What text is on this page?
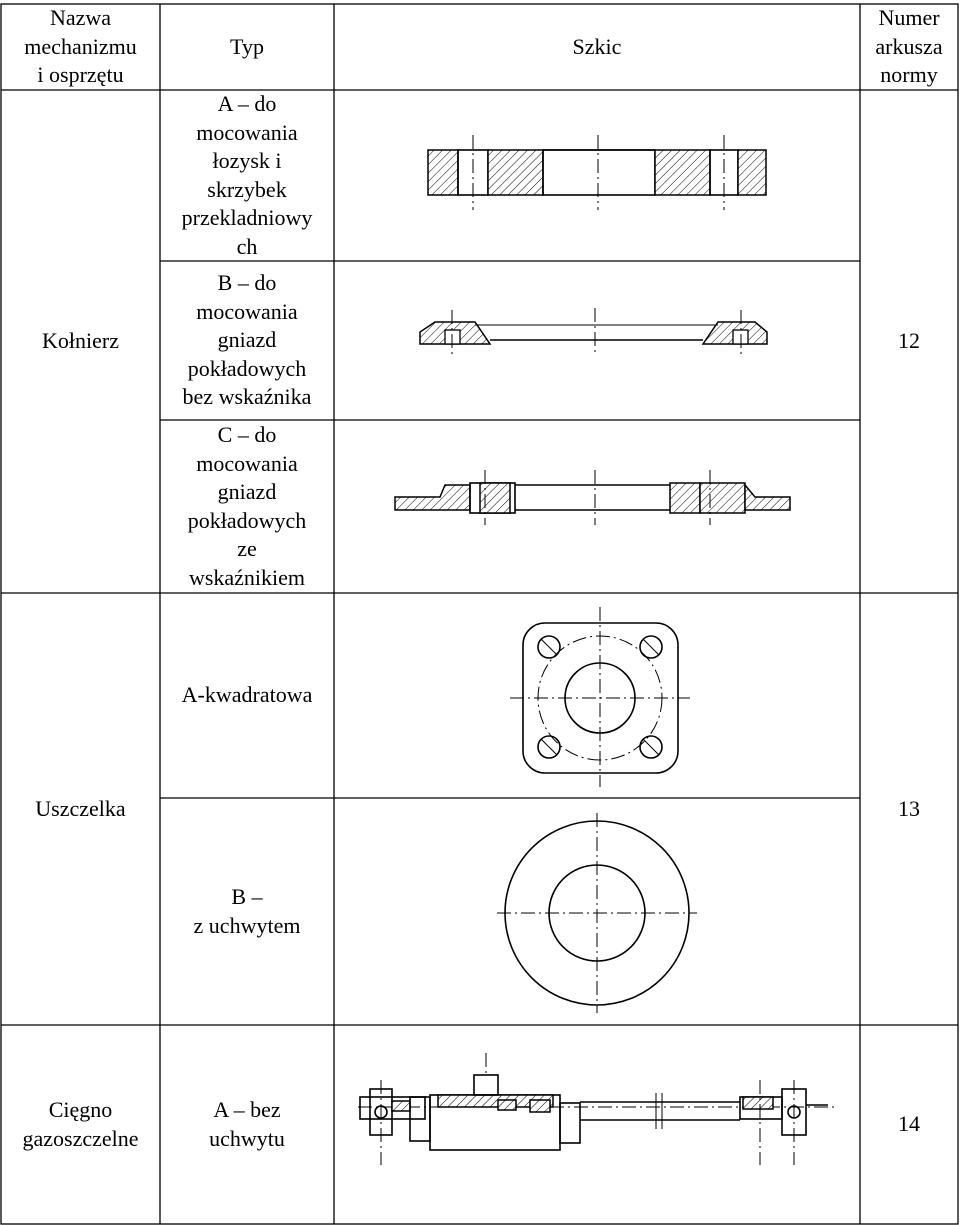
Nazwa
mechanizmu
i osprzętu
Typ	Szkic
Numer
arkusza
normy
Kołnierz
A – do
mocowania
łozysk i
skrzybek
przekladniowy
ch
B – do
mocowania
gniazd
pokładowych
bez wskaźnika
C – do
mocowania
gniazd
pokładowych
ze
wskaźnikiem
12
Uszczelka
A-kwadratowa
B –
z uchwytem
13
Cięgno
gazoszczelne
A – bez
uchwytu
14
